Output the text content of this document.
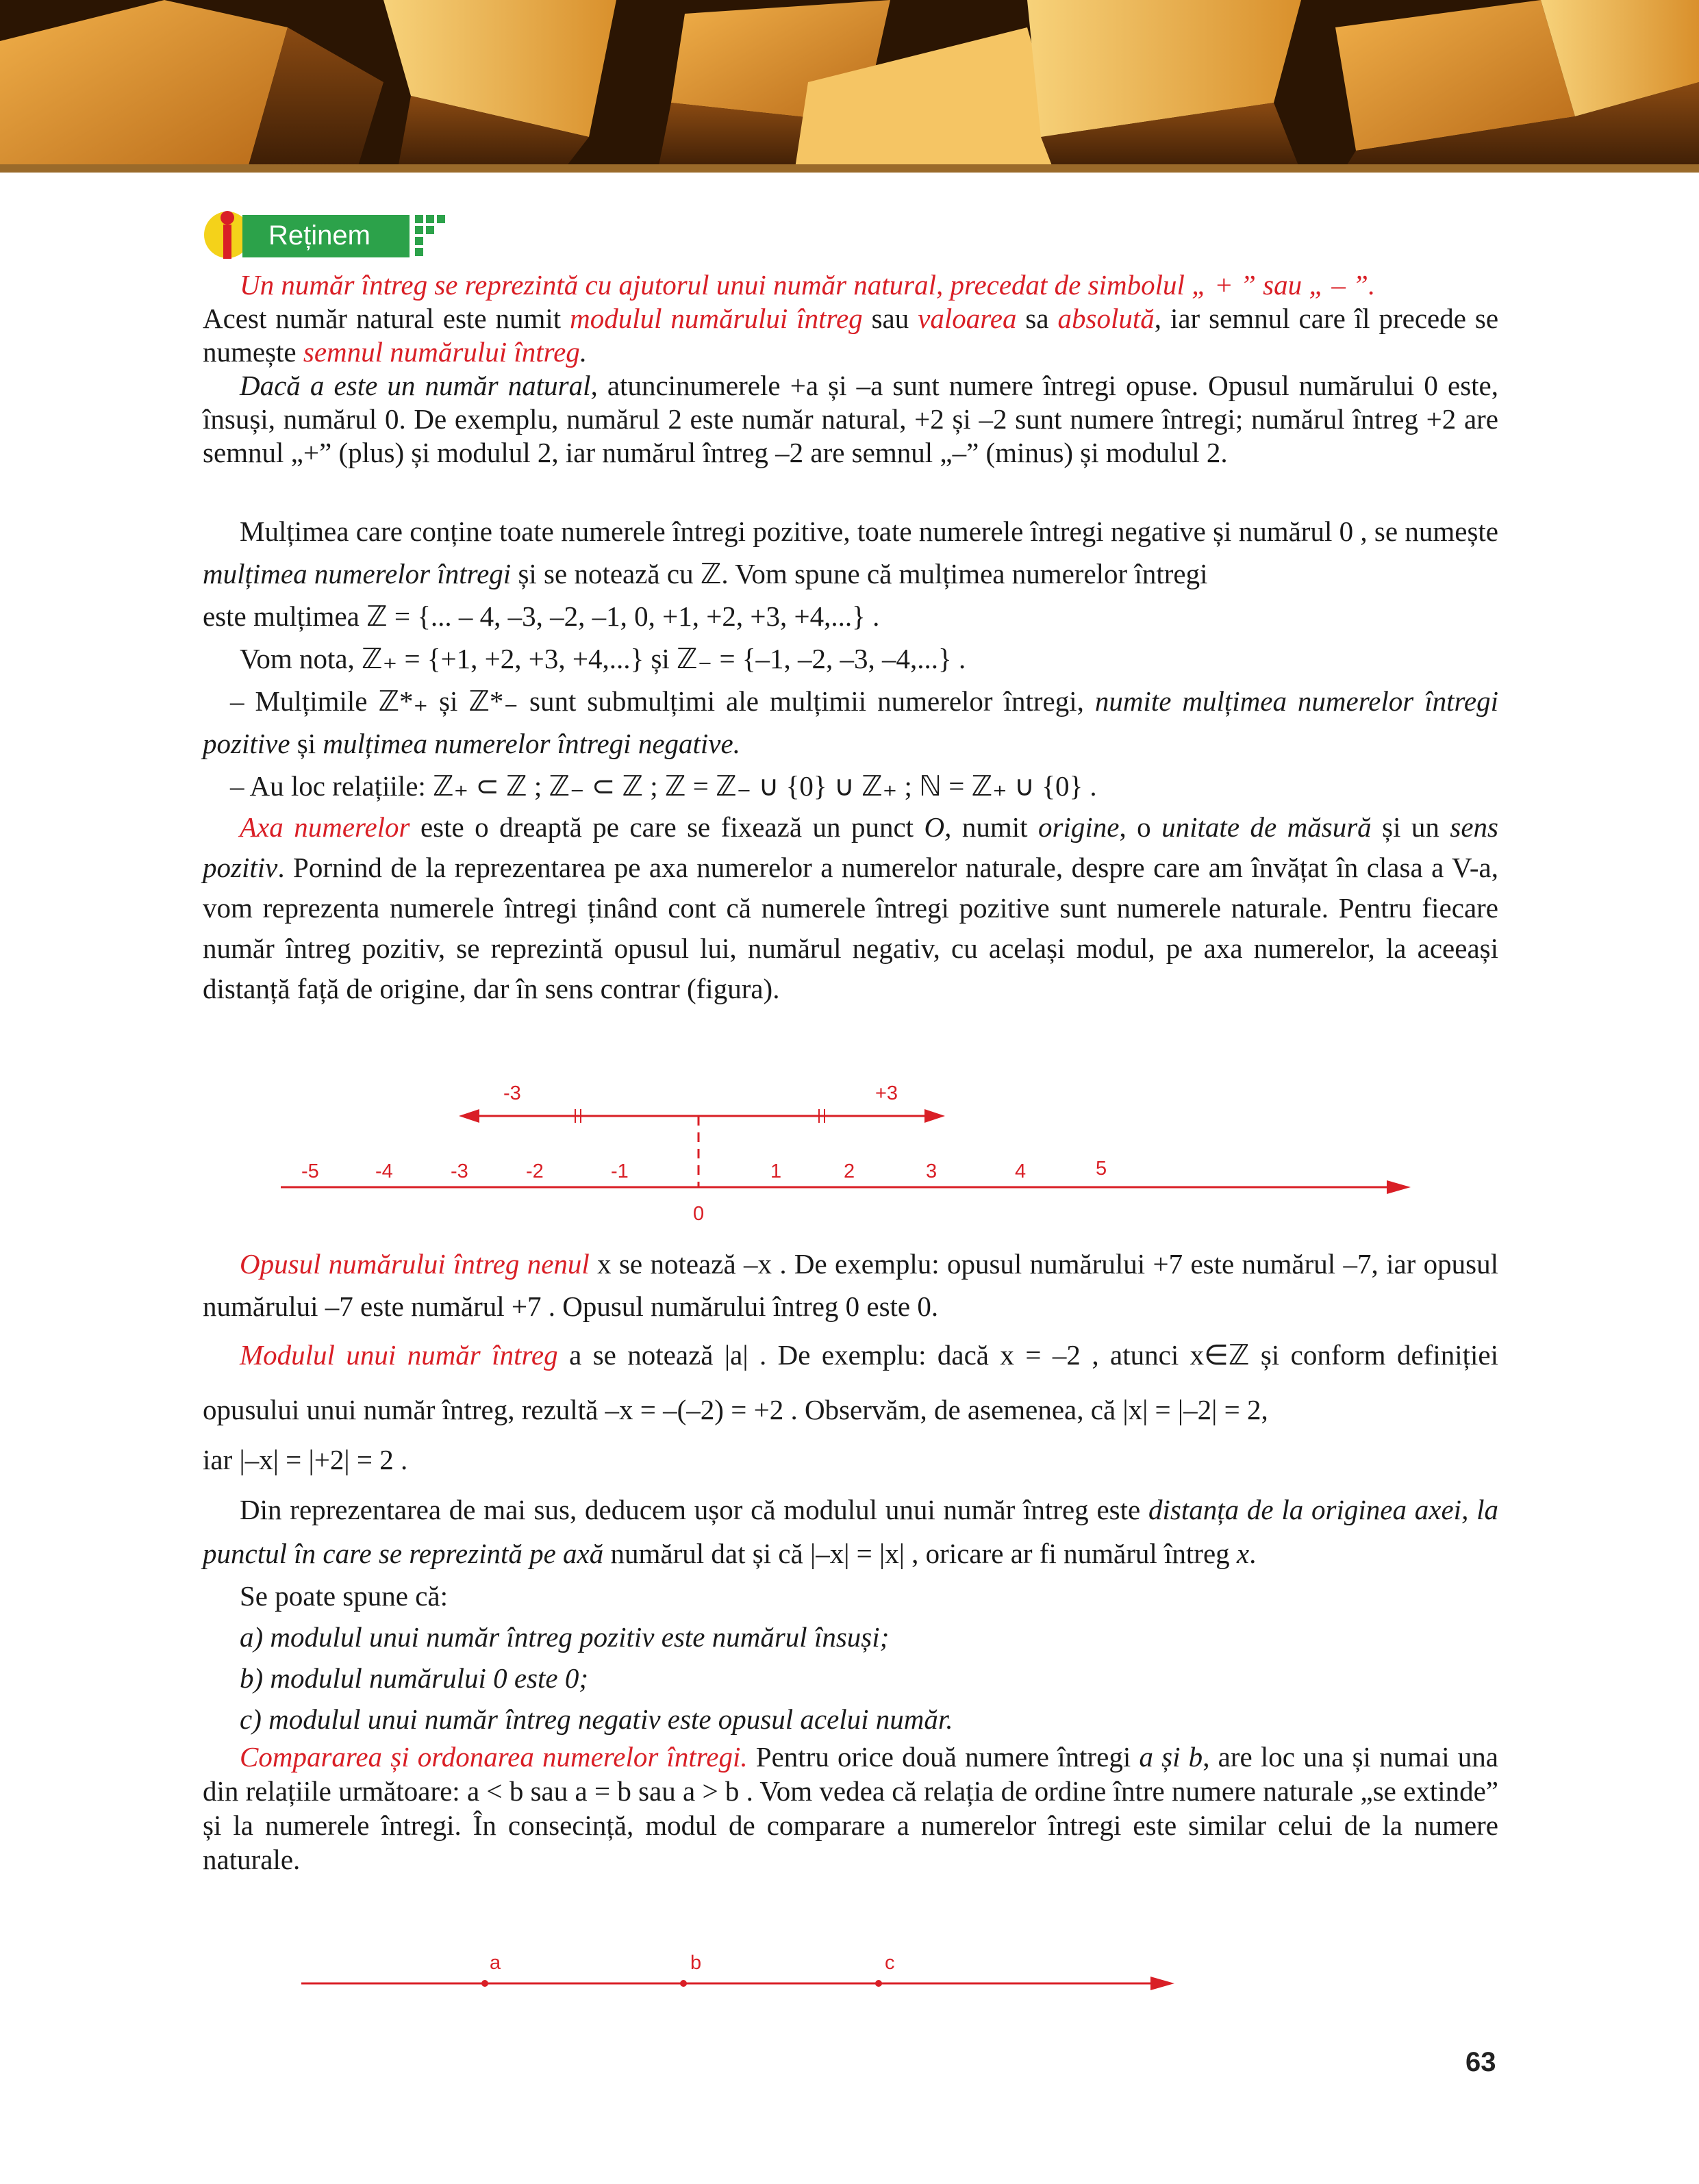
Reținem

Un număr întreg se reprezintă cu ajutorul unui număr natural, precedat de simbolul „ + ” sau „ – ”.

Acest număr natural este numit modulul numărului întreg sau valoarea sa absolută, iar semnul care îl precede se numește semnul numărului întreg.

Dacă a este un număr natural, atuncinumerele +a și –a sunt numere întregi opuse. Opusul numărului 0 este, însuși, numărul 0. De exemplu, numărul 2 este număr natural, +2 și –2 sunt numere întregi; numărul întreg +2 are semnul „+” (plus) și modulul 2, iar numărul întreg –2 are semnul „–” (minus) și modulul 2.

Mulțimea care conține toate numerele întregi pozitive, toate numerele întregi negative și numărul 0 , se numește mulțimea numerelor întregi și se notează cu ℤ. Vom spune că mulțimea numerelor întregi

este mulțimea ℤ = {... – 4, –3, –2, –1, 0, +1, +2, +3, +4,...} .

Vom nota, ℤ₊ = {+1, +2, +3, +4,...} și ℤ₋ = {–1, –2, –3, –4,...} .

– Mulțimile ℤ*₊ și ℤ*₋ sunt submulțimi ale mulțimii numerelor întregi, numite mulțimea numerelor întregi pozitive și mulțimea numerelor întregi negative.

– Au loc relațiile: ℤ₊ ⊂ ℤ ; ℤ₋ ⊂ ℤ ; ℤ = ℤ₋ ∪ {0} ∪ ℤ₊ ; ℕ = ℤ₊ ∪ {0} .

Axa numerelor este o dreaptă pe care se fixează un punct O, numit origine, o unitate de măsură și un sens pozitiv. Pornind de la reprezentarea pe axa numerelor a numerelor naturale, despre care am învățat în clasa a V-a, vom reprezenta numerele întregi ținând cont că numerele întregi pozitive sunt numerele naturale. Pentru fiecare număr întreg pozitiv, se reprezintă opusul lui, numărul negativ, cu același modul, pe axa numerelor, la aceeași distanță față de origine, dar în sens contrar (figura).

-3	+3
-5	-4	-3	-2	-1
0
1	2	3	4	5

Opusul numărului întreg nenul x se notează –x . De exemplu: opusul numărului +7 este numărul –7, iar opusul numărului –7 este numărul +7 . Opusul numărului întreg 0 este 0.

Modulul unui număr întreg a se notează |a| . De exemplu: dacă x = –2 , atunci x∈ℤ și conform definiției opusului unui număr întreg, rezultă –x = –(–2) = +2 . Observăm, de asemenea, că |x| = |–2| = 2,

iar |–x| = |+2| = 2 .

Din reprezentarea de mai sus, deducem ușor că modulul unui număr întreg este distanța de la originea axei, la punctul în care se reprezintă pe axă numărul dat și că |–x| = |x| , oricare ar fi numărul întreg x.

Se poate spune că:

a) modulul unui număr întreg pozitiv este numărul însuși;

b) modulul numărului 0 este 0;

c) modulul unui număr întreg negativ este opusul acelui număr.

Compararea și ordonarea numerelor întregi. Pentru orice două numere întregi a și b, are loc una și numai una din relațiile următoare: a < b sau a = b sau a > b . Vom vedea că relația de ordine între numere naturale „se extinde” și la numerele întregi. În consecință, modul de comparare a numerelor întregi este similar celui de la numere naturale.

a	b	c
63
